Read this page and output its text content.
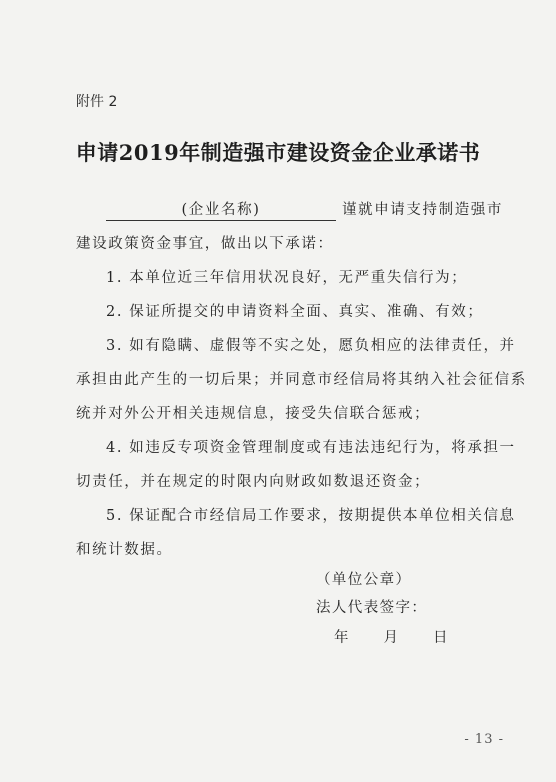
附件 2
申请2019年制造强市建设资金企业承诺书
(企业名称)	谨就申请支持制造强市
建设政策资金事宜，做出以下承诺：
1. 本单位近三年信用状况良好，无严重失信行为；
2. 保证所提交的申请资料全面、真实、准确、有效；
3. 如有隐瞒、虚假等不实之处，愿负相应的法律责任，并
承担由此产生的一切后果；并同意市经信局将其纳入社会征信系
统并对外公开相关违规信息，接受失信联合惩戒；
4. 如违反专项资金管理制度或有违法违纪行为，将承担一
切责任，并在规定的时限内向财政如数退还资金；
5. 保证配合市经信局工作要求，按期提供本单位相关信息
和统计数据。
（单位公章）
法人代表签字：
年　　月　　日
- 13 -
